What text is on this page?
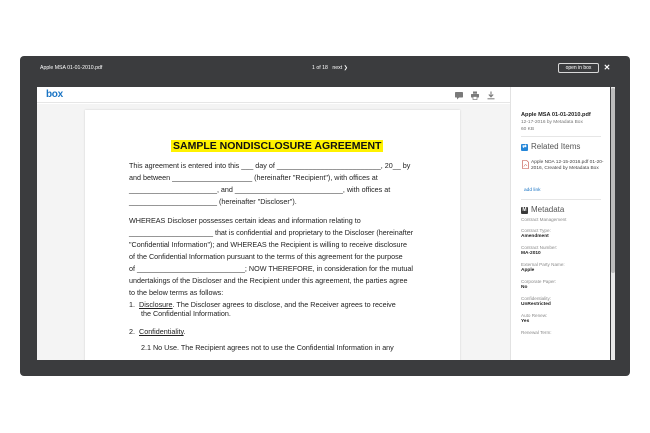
Apple MSA 01-01-2010.pdf	1 of 18 next ❯	open in box	✕
box
SAMPLE NONDISCLOSURE AGREEMENT
This agreement is entered into this ___ day of __________________________, 20__ by
and between ____________________ (hereinafter "Recipient"), with offices at
______________________, and ___________________________, with offices at
______________________ (hereinafter "Discloser").
WHEREAS Discloser possesses certain ideas and information relating to
_____________________ that is confidential and proprietary to the Discloser (hereinafter
"Confidential Information"); and WHEREAS the Recipient is willing to receive disclosure
of the Confidential Information pursuant to the terms of this agreement for the purpose
of ___________________________; NOW THEREFORE, in consideration for the mutual
undertakings of the Discloser and the Recipient under this agreement, the parties agree
to the below terms as follows:
1. Disclosure. The Discloser agrees to disclose, and the Receiver agrees to receive
the Confidential Information.
2. Confidentiality.
2.1 No Use. The Recipient agrees not to use the Confidential Information in any
Apple MSA 01-01-2010.pdf
12-17-2016 by Metadata Box
60 KB
⇄ Related Items
Apple NDA 12-15-2016.pdf 01-20-2016, Created by Metadata Box
add link
M Metadata
Contract Management
Contract Type:
Amendment
Contract Number:
MA-2010
External Party Name:
Apple
Corporate Paper:
No
Confidentiality:
UnRestricted
Auto Renew:
Yes
Renewal Term:
